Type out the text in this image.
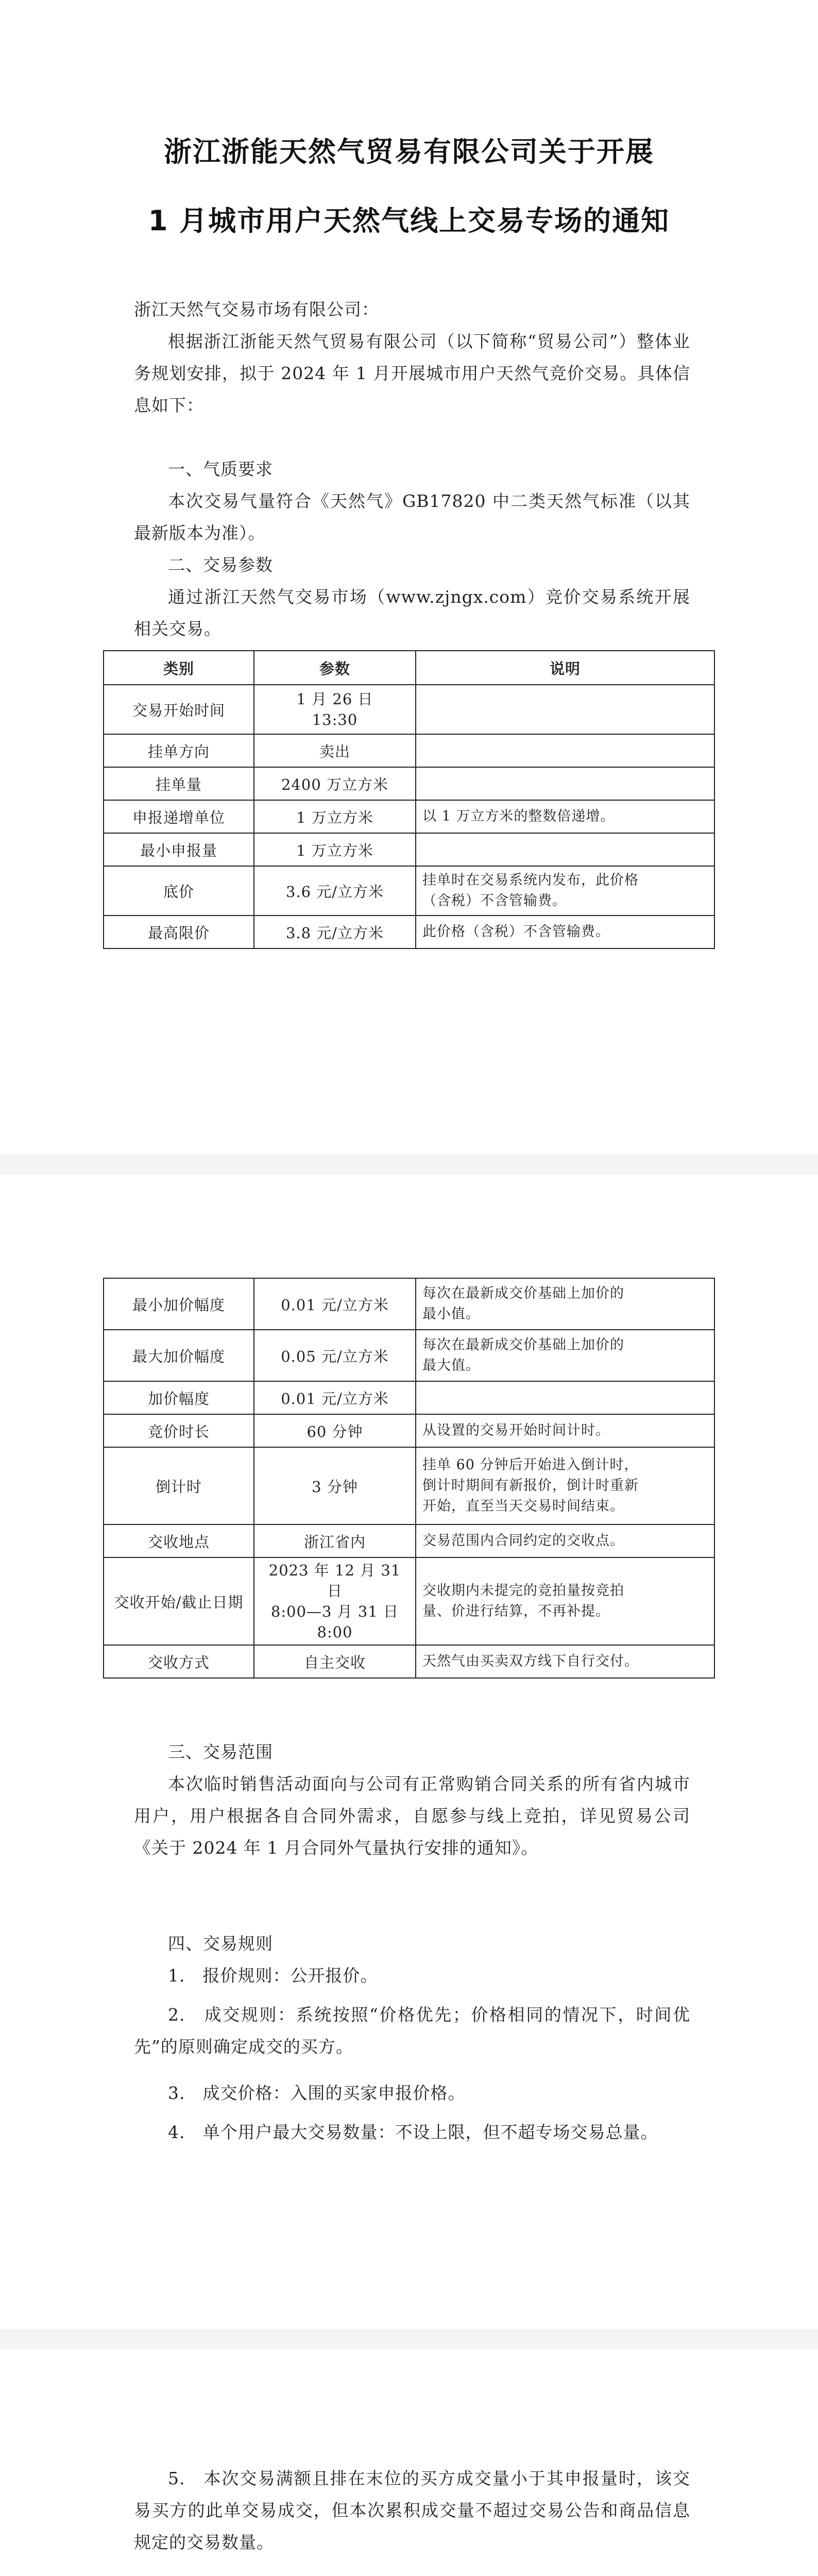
浙江浙能天然气贸易有限公司关于开展
1 月城市用户天然气线上交易专场的通知
浙江天然气交易市场有限公司：
根据浙江浙能天然气贸易有限公司（以下简称“贸易公司”）整体业务规划安排，拟于 2024 年 1 月开展城市用户天然气竞价交易。具体信息如下：
一、气质要求
本次交易气量符合《天然气》GB17820 中二类天然气标准（以其最新版本为准）。
二、交易参数
通过浙江天然气交易市场（www.zjngx.com）竞价交易系统开展相关交易。
类别	参数	说明
交易开始时间	1 月 26 日
13:30	

挂单方向	卖出	
挂单量	2400 万立方米	
申报递增单位	1 万立方米	以 1 万立方米的整数倍递增。
最小申报量	1 万立方米	
底价	3.6 元/立方米	挂单时在交易系统内发布，此价格
（含税）不含管输费。

最高限价	3.8 元/立方米	此价格（含税）不含管输费。
最小加价幅度	0.01 元/立方米	每次在最新成交价基础上加价的
最小值。

最大加价幅度	0.05 元/立方米	每次在最新成交价基础上加价的
最大值。

加价幅度	0.01 元/立方米	
竞价时长	60 分钟	从设置的交易开始时间计时。
倒计时	3 分钟	挂单 60 分钟后开始进入倒计时，
倒计时期间有新报价，倒计时重新
开始，直至当天交易时间结束。

交收地点	浙江省内	交易范围内合同约定的交收点。
交收开始/截止日期	2023 年 12 月 31 日
8:00—3 月 31 日
8:00	交收期内未提完的竞拍量按竞拍
量、价进行结算，不再补提。

交收方式	自主交收	天然气由买卖双方线下自行交付。
三、交易范围
本次临时销售活动面向与公司有正常购销合同关系的所有省内城市用户，用户根据各自合同外需求，自愿参与线上竞拍，详见贸易公司《关于 2024 年 1 月合同外气量执行安排的通知》。
四、交易规则
1.　报价规则：公开报价。
2.　成交规则：系统按照“价格优先；价格相同的情况下，时间优先”的原则确定成交的买方。
3.　成交价格：入围的买家申报价格。
4.　单个用户最大交易数量：不设上限，但不超专场交易总量。
5.　本次交易满额且排在末位的买方成交量小于其申报量时，该交易买方的此单交易成交，但本次累积成交量不超过交易公告和商品信息规定的交易数量。
